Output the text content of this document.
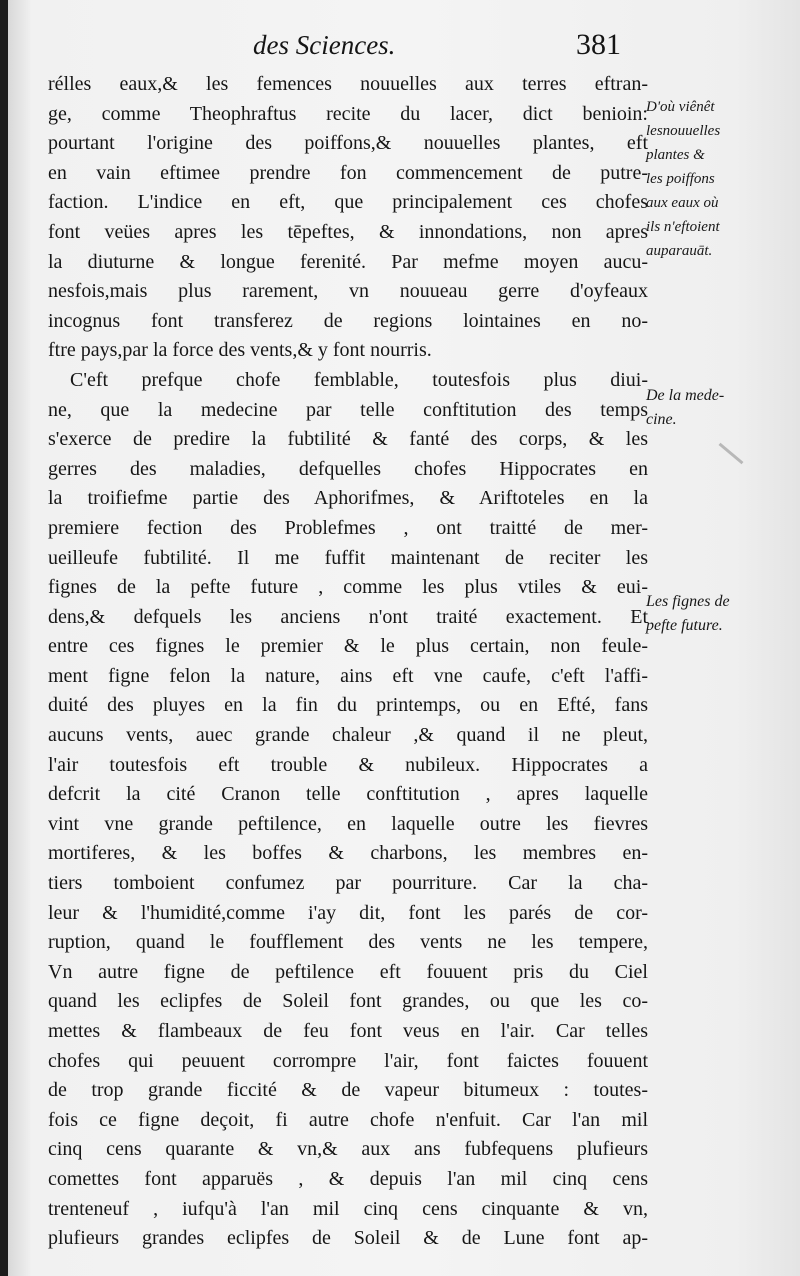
des Sciences.	381
rélles eaux,& les femences nouuelles aux terres eftran-
ge, comme Theophraftus recite du lacer, dict benioin:
pourtant l'origine des poiffons,& nouuelles plantes, eft
en vain eftimee prendre fon commencement de putre-
faction. L'indice en eft, que principalement ces chofes
font veües apres les tēpeftes, & innondations, non apres
la diuturne & longue ferenité. Par mefme moyen aucu-
nesfois,mais plus rarement, vn nouueau gerre d'oyfeaux
incognus font transferez de regions lointaines en no-
ftre pays,par la force des vents,& y font nourris.
C'eft prefque chofe femblable, toutesfois plus diui-
ne, que la medecine par telle conftitution des temps
s'exerce de predire la fubtilité & fanté des corps, & les
gerres des maladies, defquelles chofes Hippocrates en
la troifiefme partie des Aphorifmes, & Ariftoteles en la
premiere fection des Problefmes , ont traitté de mer-
ueilleufe fubtilité. Il me fuffit maintenant de reciter les
fignes de la pefte future , comme les plus vtiles & eui-
dens,& defquels les anciens n'ont traité exactement. Et
entre ces fignes le premier & le plus certain, non feule-
ment figne felon la nature, ains eft vne caufe, c'eft l'affi-
duité des pluyes en la fin du printemps, ou en Efté, fans
aucuns vents, auec grande chaleur ,& quand il ne pleut,
l'air toutesfois eft trouble & nubileux. Hippocrates a
defcrit la cité Cranon telle conftitution , apres laquelle
vint vne grande peftilence, en laquelle outre les fievres
mortiferes, & les boffes & charbons, les membres en-
tiers tomboient confumez par pourriture. Car la cha-
leur & l'humidité,comme i'ay dit, font les parés de cor-
ruption, quand le foufflement des vents ne les tempere,
Vn autre figne de peftilence eft fouuent pris du Ciel
quand les eclipfes de Soleil font grandes, ou que les co-
mettes & flambeaux de feu font veus en l'air. Car telles
chofes qui peuuent corrompre l'air, font faictes fouuent
de trop grande ficcité & de vapeur bitumeux : toutes-
fois ce figne deçoit, fi autre chofe n'enfuit. Car l'an mil
cinq cens quarante & vn,& aux ans fubfequens plufieurs
comettes font apparuës , & depuis l'an mil cinq cens
trenteneuf , iufqu'à l'an mil cinq cens cinquante & vn,
plufieurs grandes eclipfes de Soleil & de Lune font ap-
D'où viênêt
lesnouuelles
plantes &
les poiffons
aux eaux où
ils n'eftoient
auparauāt.
De la mede-
cine.
Les fignes de
pefte future.
